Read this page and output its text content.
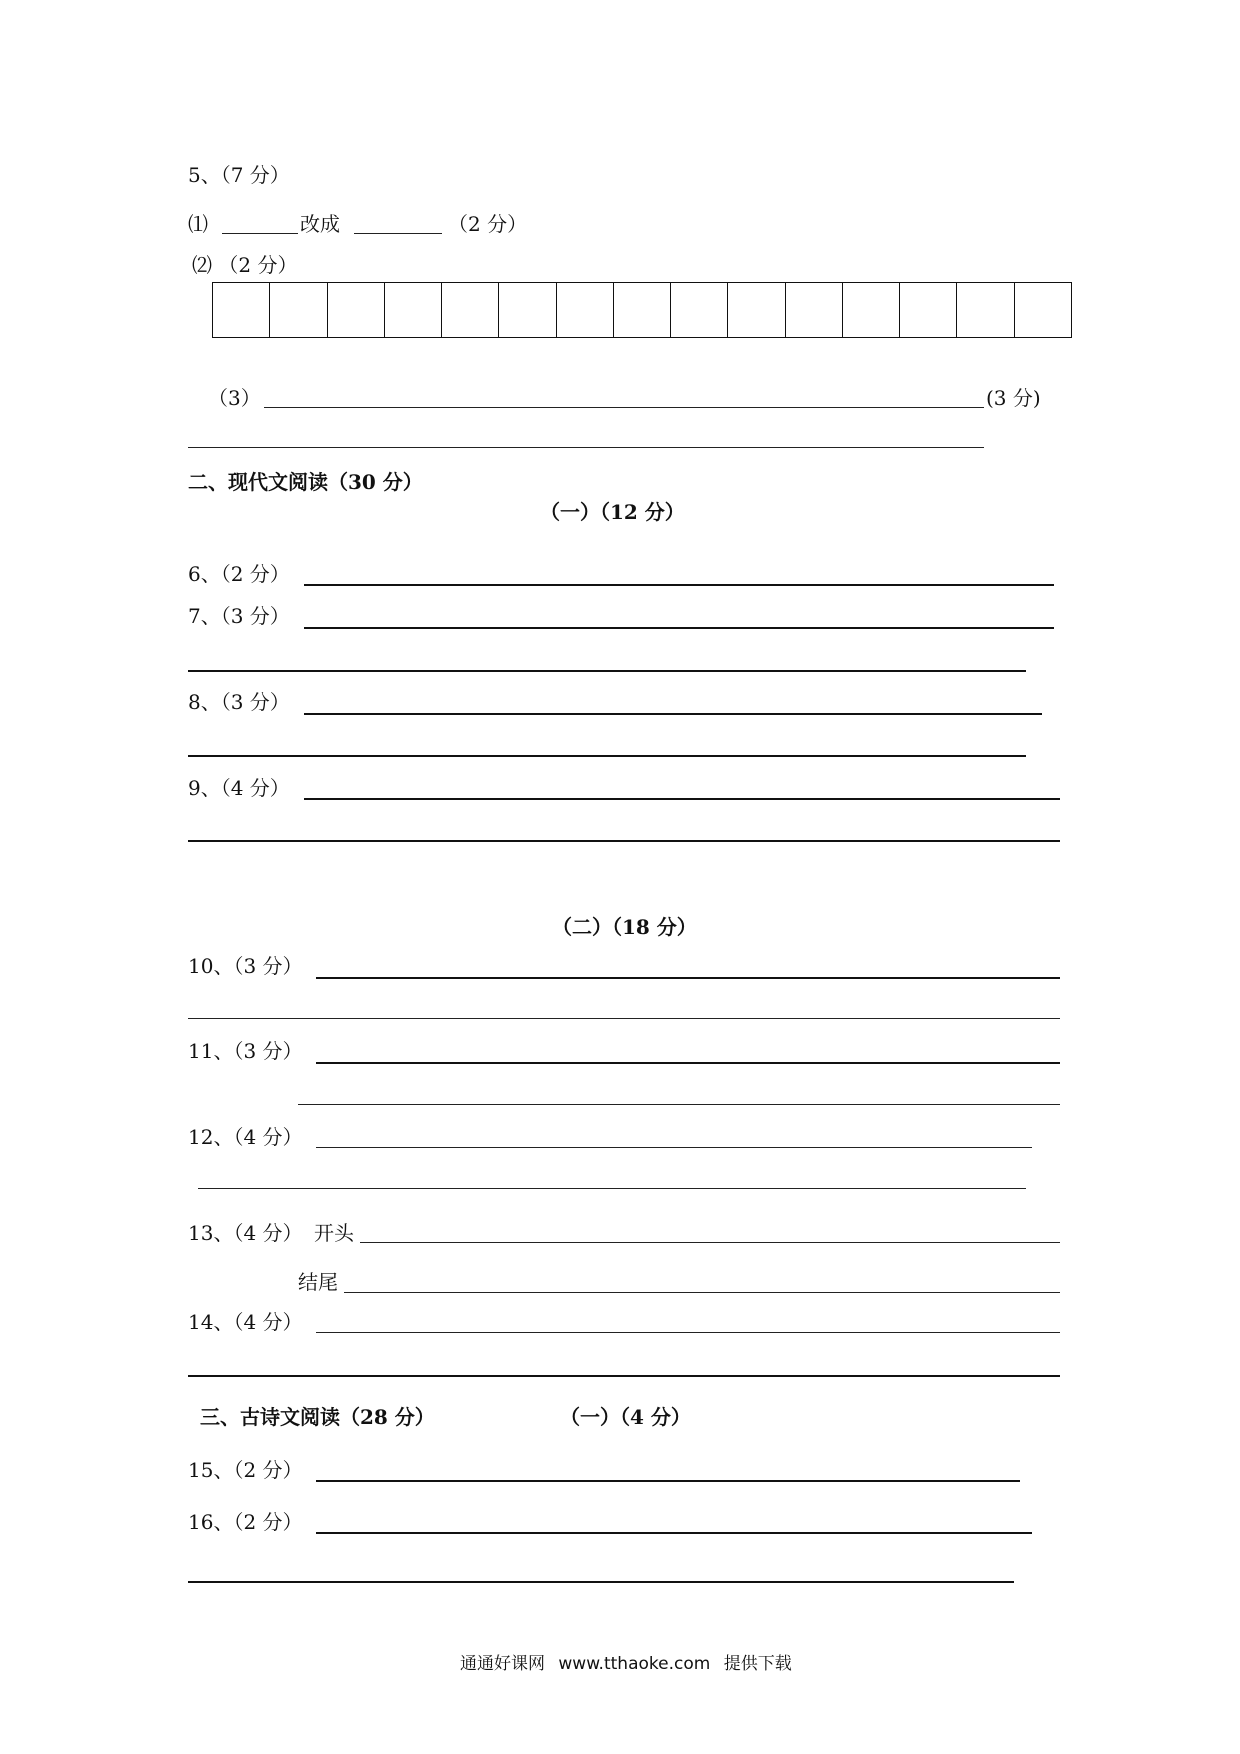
5、（7 分）
⑴	改成	（2 分）
⑵ （2 分）
（3）	(3 分)
二、现代文阅读（30 分）
（一）（12 分）
6、（2 分）
7、（3 分）
8、（3 分）
9、（4 分）
（二）（18 分）
10、（3 分）
11、（3 分）
12、（4 分）
13、（4 分） 开头
结尾
14、（4 分）
三、古诗文阅读（28 分）	（一）（4 分）
15、（2 分）
16、（2 分）
通通好课网 www.tthaoke.com 提供下载
